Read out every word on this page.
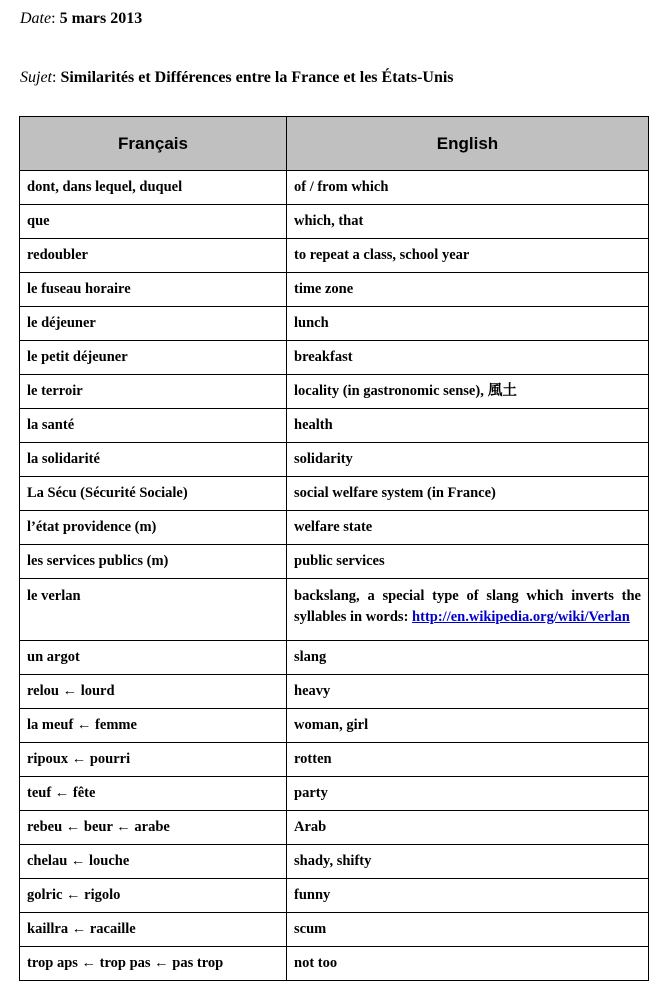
Date: 5 mars 2013
Sujet: Similarités et Différences entre la France et les États-Unis
Français	English
dont, dans lequel, duquel	of / from which
que	which, that
redoubler	to repeat a class, school year
le fuseau horaire	time zone
le déjeuner	lunch
le petit déjeuner	breakfast
le terroir	locality (in gastronomic sense), 風土
la santé	health
la solidarité	solidarity
La Sécu (Sécurité Sociale)	social welfare system (in France)
l’état providence (m)	welfare state
les services publics (m)	public services
le verlan	backslang, a special type of slang which inverts the syllables in words: http://en.wikipedia.org/wiki/Verlan
un argot	slang
relou ← lourd	heavy
la meuf ← femme	woman, girl
ripoux ← pourri	rotten
teuf ← fête	party
rebeu ← beur ← arabe	Arab
chelau ← louche	shady, shifty
golric ← rigolo	funny
kaillra ← racaille	scum
trop aps ← trop pas ← pas trop	not too
